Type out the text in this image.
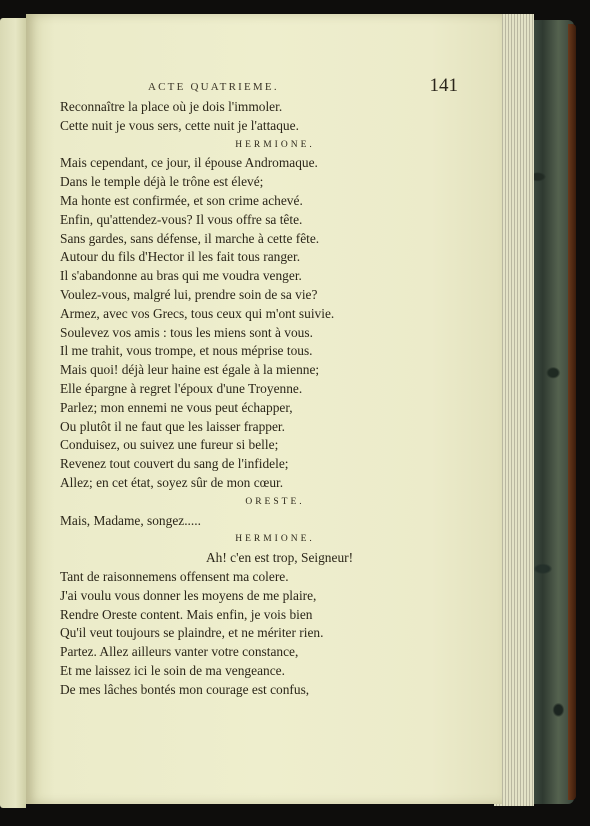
ACTE QUATRIEME.	141
Reconnaître la place où je dois l'immoler.
Cette nuit je vous sers, cette nuit je l'attaque.
HERMIONE.
Mais cependant, ce jour, il épouse Andromaque.
Dans le temple déjà le trône est élevé;
Ma honte est confirmée, et son crime achevé.
Enfin, qu'attendez-vous? Il vous offre sa tête.
Sans gardes, sans défense, il marche à cette fête.
Autour du fils d'Hector il les fait tous ranger.
Il s'abandonne au bras qui me voudra venger.
Voulez-vous, malgré lui, prendre soin de sa vie?
Armez, avec vos Grecs, tous ceux qui m'ont suivie.
Soulevez vos amis : tous les miens sont à vous.
Il me trahit, vous trompe, et nous méprise tous.
Mais quoi! déjà leur haine est égale à la mienne;
Elle épargne à regret l'époux d'une Troyenne.
Parlez; mon ennemi ne vous peut échapper,
Ou plutôt il ne faut que les laisser frapper.
Conduisez, ou suivez une fureur si belle;
Revenez tout couvert du sang de l'infidele;
Allez; en cet état, soyez sûr de mon cœur.
ORESTE.
Mais, Madame, songez.....
HERMIONE.
Ah! c'en est trop, Seigneur!
Tant de raisonnemens offensent ma colere.
J'ai voulu vous donner les moyens de me plaire,
Rendre Oreste content. Mais enfin, je vois bien
Qu'il veut toujours se plaindre, et ne mériter rien.
Partez. Allez ailleurs vanter votre constance,
Et me laissez ici le soin de ma vengeance.
De mes lâches bontés mon courage est confus,
